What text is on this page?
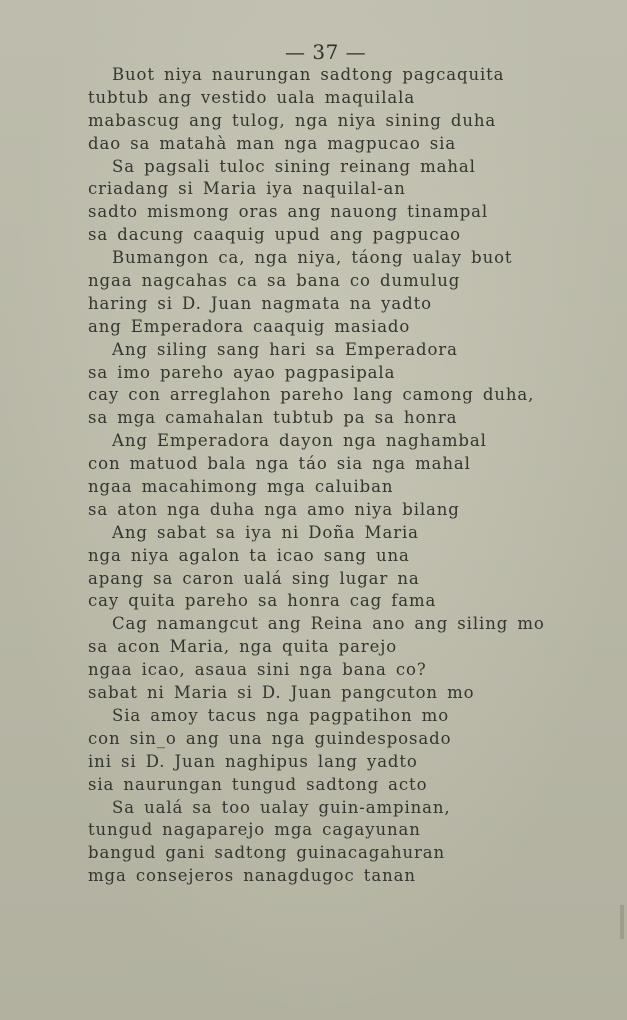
— 37 —
Buot niya naurungan sadtong pagcaquita
tubtub ang vestido uala maquilala
mabascug ang tulog, nga niya sining duha
dao sa matahà man nga magpucao sia
Sa pagsali tuloc sining reinang mahal
criadang si Maria iya naquilal-an
sadto mismong oras ang nauong tinampal
sa dacung caaquig upud ang pagpucao
Bumangon ca, nga niya, táong ualay buot
ngaa nagcahas ca sa bana co dumulug
haring si D. Juan nagmata na yadto
ang Emperadora caaquig masiado
Ang siling sang hari sa Emperadora
sa imo pareho ayao pagpasipala
cay con arreglahon pareho lang camong duha,
sa mga camahalan tubtub pa sa honra
Ang Emperadora dayon nga naghambal
con matuod bala nga táo sia nga mahal
ngaa macahimong mga caluiban
sa aton nga duha nga amo niya bilang
Ang sabat sa iya ni Doña Maria
nga niya agalon ta icao sang una
apang sa caron ualá sing lugar na
cay quita pareho sa honra cag fama
Cag namangcut ang Reina ano ang siling mo
sa acon Maria, nga quita parejo
ngaa icao, asaua sini nga bana co?
sabat ni Maria si D. Juan pangcuton mo
Sia amoy tacus nga pagpatihon mo
con sin_o ang una nga guindesposado
ini si D. Juan naghipus lang yadto
sia naurungan tungud sadtong acto
Sa ualá sa too ualay guin-ampinan,
tungud nagaparejo mga cagayunan
bangud gani sadtong guinacagahuran
mga consejeros nanagdugoc tanan
